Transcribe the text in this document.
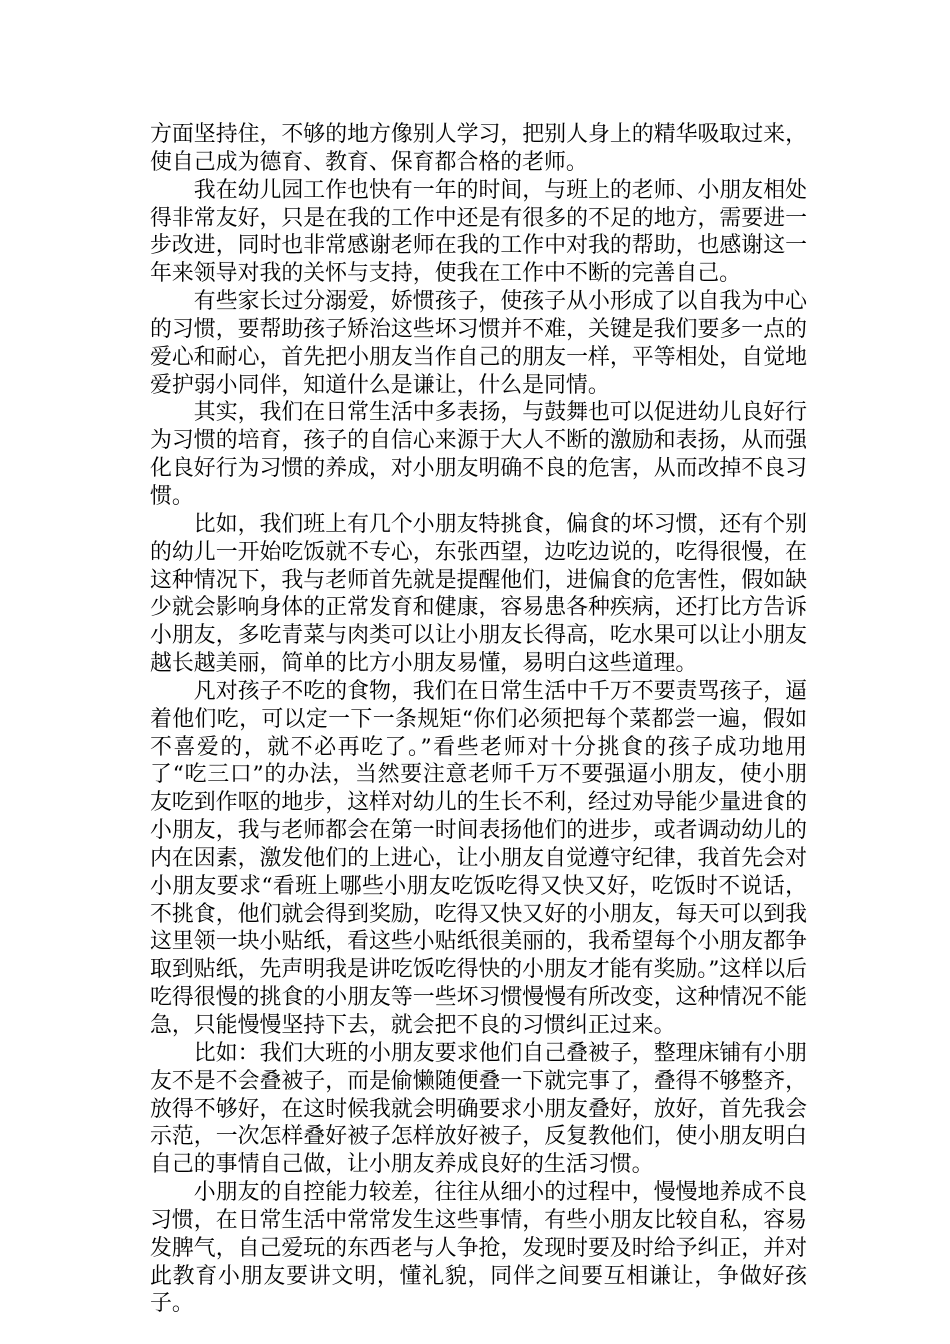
方面坚持住，不够的地方像别人学习，把别人身上的精华吸取过来，使自己成为德育、教育、保育都合格的老师。

我在幼儿园工作也快有一年的时间，与班上的老师、小朋友相处得非常友好，只是在我的工作中还是有很多的不足的地方，需要进一步改进，同时也非常感谢老师在我的工作中对我的帮助，也感谢这一年来领导对我的关怀与支持，使我在工作中不断的完善自己。

有些家长过分溺爱，娇惯孩子，使孩子从小形成了以自我为中心的习惯，要帮助孩子矫治这些坏习惯并不难，关键是我们要多一点的爱心和耐心，首先把小朋友当作自己的朋友一样，平等相处，自觉地爱护弱小同伴，知道什么是谦让，什么是同情。

其实，我们在日常生活中多表扬，与鼓舞也可以促进幼儿良好行为习惯的培育，孩子的自信心来源于大人不断的激励和表扬，从而强化良好行为习惯的养成，对小朋友明确不良的危害，从而改掉不良习惯。

比如，我们班上有几个小朋友特挑食，偏食的坏习惯，还有个别的幼儿一开始吃饭就不专心，东张西望，边吃边说的，吃得很慢，在这种情况下，我与老师首先就是提醒他们，进偏食的危害性，假如缺少就会影响身体的正常发育和健康，容易患各种疾病，还打比方告诉小朋友，多吃青菜与肉类可以让小朋友长得高，吃水果可以让小朋友越长越美丽，简单的比方小朋友易懂，易明白这些道理。

凡对孩子不吃的食物，我们在日常生活中千万不要责骂孩子，逼着他们吃，可以定一下一条规矩“你们必须把每个菜都尝一遍，假如不喜爱的，就不必再吃了。”看些老师对十分挑食的孩子成功地用了“吃三口”的办法，当然要注意老师千万不要强逼小朋友，使小朋友吃到作呕的地步，这样对幼儿的生长不利，经过劝导能少量进食的小朋友，我与老师都会在第一时间表扬他们的进步，或者调动幼儿的内在因素，激发他们的上进心，让小朋友自觉遵守纪律，我首先会对小朋友要求“看班上哪些小朋友吃饭吃得又快又好，吃饭时不说话，不挑食，他们就会得到奖励，吃得又快又好的小朋友，每天可以到我这里领一块小贴纸，看这些小贴纸很美丽的，我希望每个小朋友都争取到贴纸，先声明我是讲吃饭吃得快的小朋友才能有奖励。”这样以后吃得很慢的挑食的小朋友等一些坏习惯慢慢有所改变，这种情况不能急，只能慢慢坚持下去，就会把不良的习惯纠正过来。

比如：我们大班的小朋友要求他们自己叠被子，整理床铺有小朋友不是不会叠被子，而是偷懒随便叠一下就完事了，叠得不够整齐，放得不够好，在这时候我就会明确要求小朋友叠好，放好，首先我会示范，一次怎样叠好被子怎样放好被子，反复教他们，使小朋友明白自己的事情自己做，让小朋友养成良好的生活习惯。

小朋友的自控能力较差，往往从细小的过程中，慢慢地养成不良习惯，在日常生活中常常发生这些事情，有些小朋友比较自私，容易发脾气，自己爱玩的东西老与人争抢，发现时要及时给予纠正，并对此教育小朋友要讲文明，懂礼貌，同伴之间要互相谦让，争做好孩子。
